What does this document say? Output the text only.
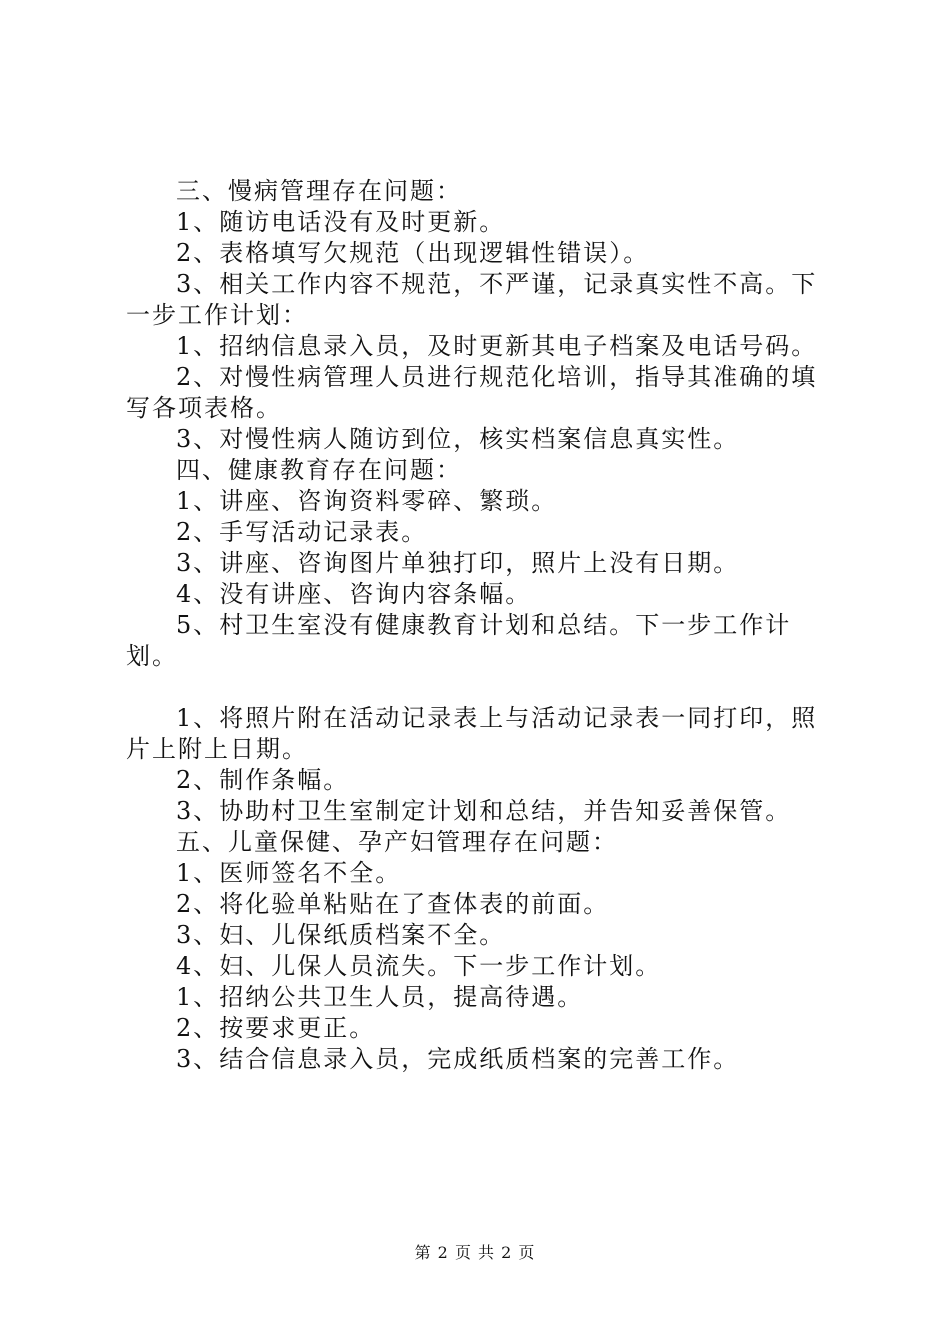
三、慢病管理存在问题：

1、随访电话没有及时更新。

2、表格填写欠规范（出现逻辑性错误）。

3、相关工作内容不规范，不严谨，记录真实性不高。下一步工作计划：

1、招纳信息录入员，及时更新其电子档案及电话号码。

2、对慢性病管理人员进行规范化培训，指导其准确的填写各项表格。

3、对慢性病人随访到位，核实档案信息真实性。

四、健康教育存在问题：

1、讲座、咨询资料零碎、繁琐。

2、手写活动记录表。

3、讲座、咨询图片单独打印，照片上没有日期。

4、没有讲座、咨询内容条幅。

5、村卫生室没有健康教育计划和总结。下一步工作计划。

1、将照片附在活动记录表上与活动记录表一同打印，照片上附上日期。

2、制作条幅。

3、协助村卫生室制定计划和总结，并告知妥善保管。

五、儿童保健、孕产妇管理存在问题：

1、医师签名不全。

2、将化验单粘贴在了查体表的前面。

3、妇、儿保纸质档案不全。

4、妇、儿保人员流失。下一步工作计划。

1、招纳公共卫生人员，提高待遇。

2、按要求更正。

3、结合信息录入员，完成纸质档案的完善工作。

第 2 页 共 2 页
